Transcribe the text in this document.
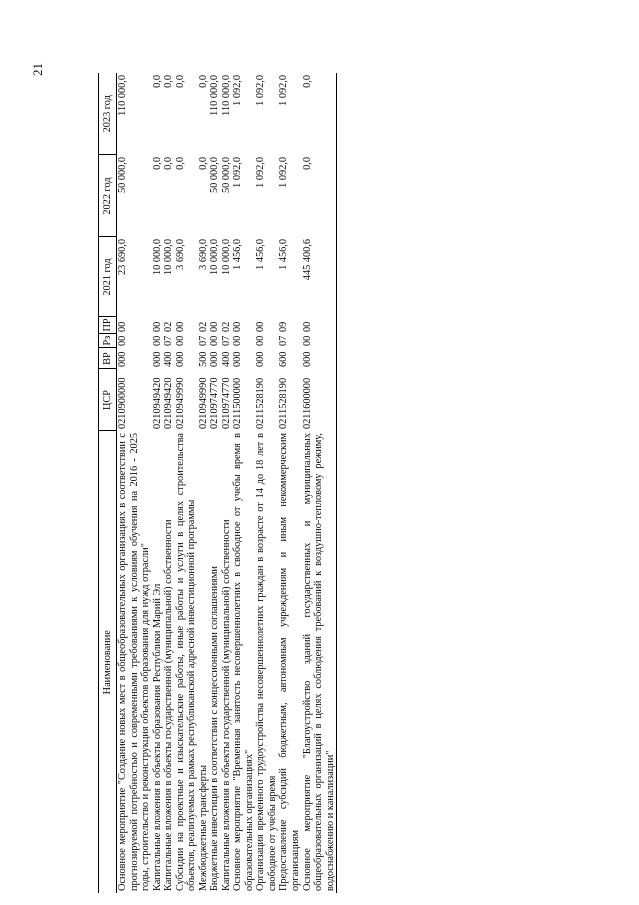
21
Наименование	ЦСР	ВР	Рз	ПР	2021 год	2022 год	2023 год
Основное мероприятие "Создание новых мест в общеобразовательных организациях в соответствии с прогнозируемой потребностью и современными требованиями к условиям обучения на 2016 - 2025 годы, строительство и реконструкция объектов образования для нужд отрасли"	0210900000	000	00	00	23 690,0	50 000,0	110 000,0

Капитальные вложения в объекты образования Республики Марий Эл	0210949420	000	00	00	10 000,0	0,0	0,0

Капитальные вложения в объекты государственной (муниципальной) собственности	0210949420	400	07	02	10 000,0	0,0	0,0

Субсидии на проектные и изыскательские работы, иные работы и услуги в целях строительства объектов, реализуемых в рамках республиканской адресной инвестиционной программы	0210949990	000	00	00	3 690,0	0,0	0,0

Межбюджетные трансферты	0210949990	500	07	02	3 690,0	0,0	0,0

Бюджетные инвестиции в соответствии с концессионными соглашениями	0210974770	000	00	00	10 000,0	50 000,0	110 000,0

Капитальные вложения в объекты государственной (муниципальной) собственности	0210974770	400	07	02	10 000,0	50 000,0	110 000,0

Основное мероприятие "Временная занятость несовершеннолетних в свободное от учебы время в образовательных организациях"	0211500000	000	00	00	1 456,0	1 092,0	1 092,0

Организация временного трудоустройства несовершеннолетних граждан в возрасте от 14 до 18 лет в свободное от учебы время	0211528190	000	00	00	1 456,0	1 092,0	1 092,0

Предоставление субсидий бюджетным, автономным учреждениям и иным некоммерческим организациям	0211528190	600	07	09	1 456,0	1 092,0	1 092,0

Основное мероприятие "Благоустройство зданий государственных и муниципальных общеобразовательных организаций в целях соблюдения требований к воздушно-тепловому режиму, водоснабжению и канализации"	0211600000	000	00	00	445 400,6	0,0	0,0
